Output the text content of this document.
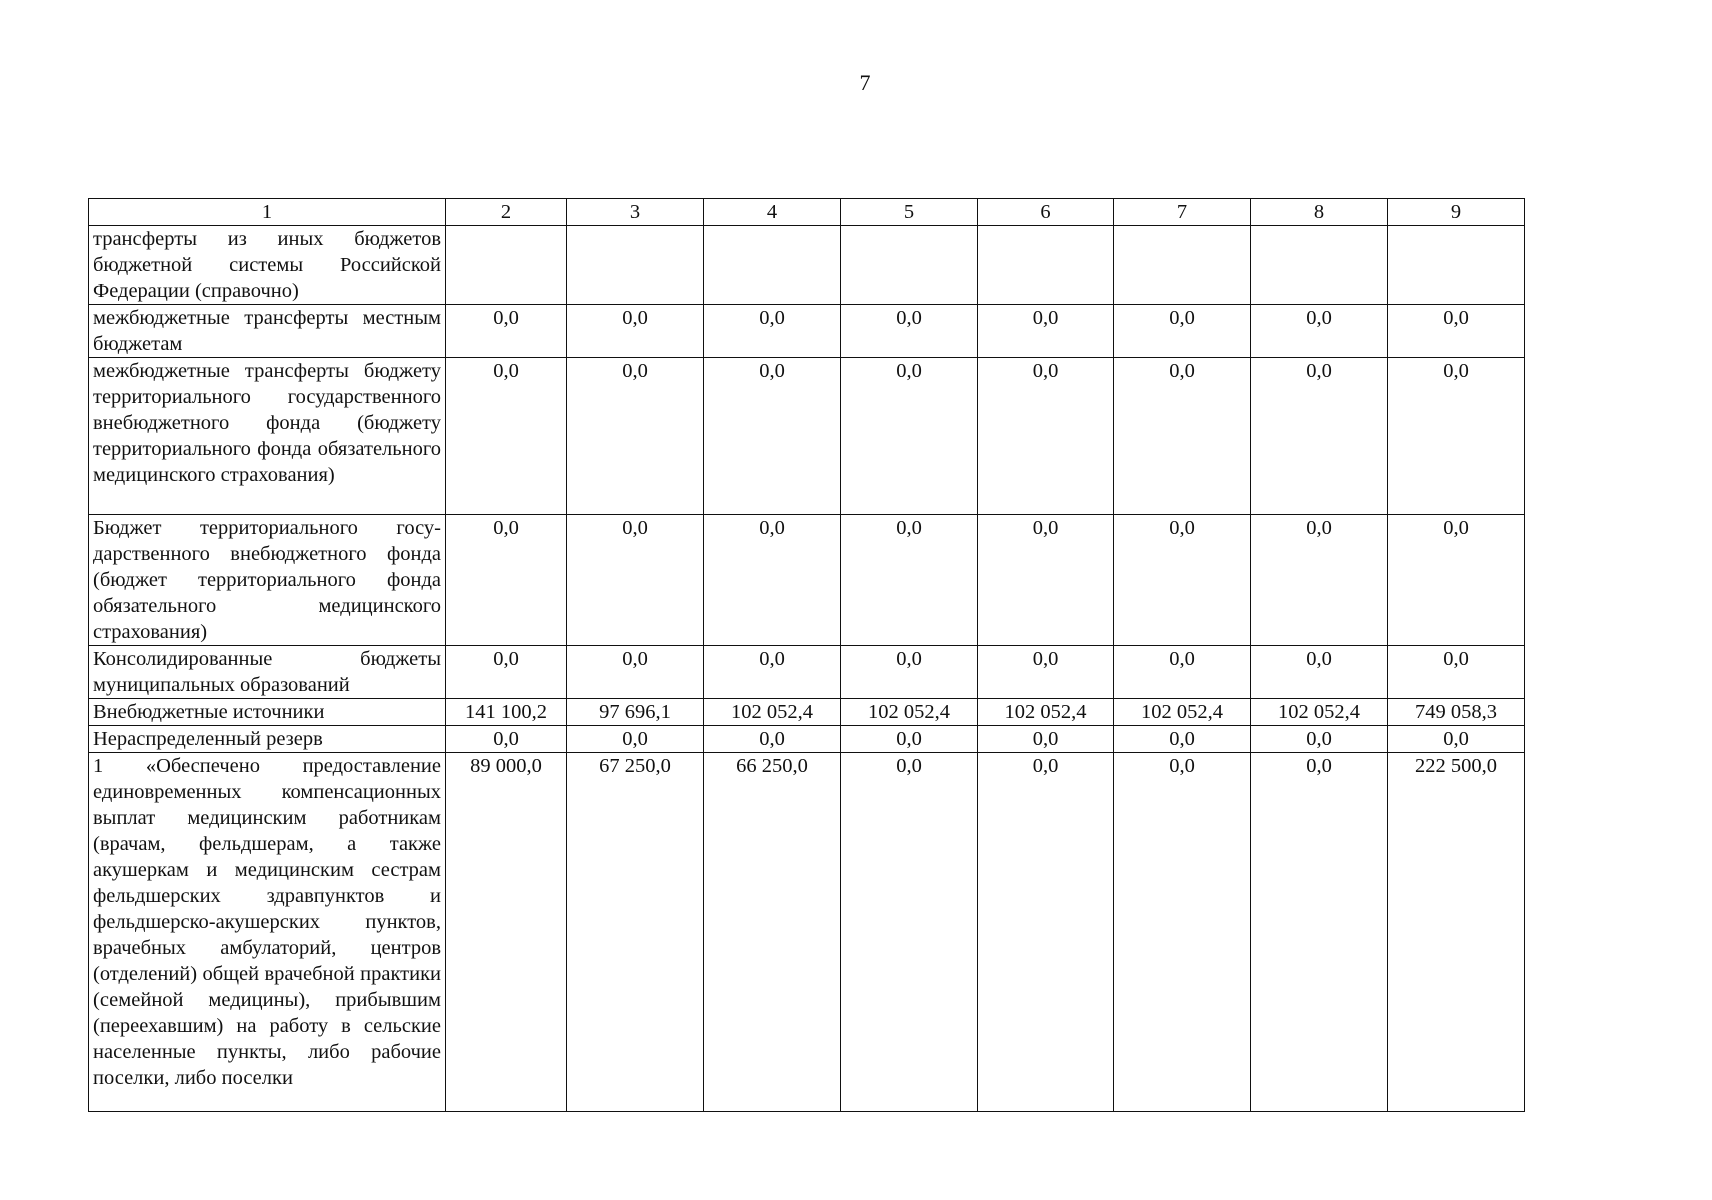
7
1	2	3	4	5	6	7	8	9
трансферты из иных бюджетов бюджетной системы Российской Федерации (справочно)								
межбюджетные трансферты местным бюджетам	0,0	0,0	0,0	0,0	0,0	0,0	0,0	0,0
межбюджетные трансферты бюджету территориального государственного внебюджетного фонда (бюджету территориального фонда обязательного медицинского страхования)	0,0	0,0	0,0	0,0	0,0	0,0	0,0	0,0
Бюджет территориального государственного внебюджетного фонда (бюджет территориального фонда обязательного медицинского страхования)	0,0	0,0	0,0	0,0	0,0	0,0	0,0	0,0
Консолидированные бюджеты муниципальных образований	0,0	0,0	0,0	0,0	0,0	0,0	0,0	0,0
Внебюджетные источники	141 100,2	97 696,1	102 052,4	102 052,4	102 052,4	102 052,4	102 052,4	749 058,3
Нераспределенный резерв	0,0	0,0	0,0	0,0	0,0	0,0	0,0	0,0
1 «Обеспечено предоставление единовременных компенсационных выплат медицинским работникам (врачам, фельдшерам, а также акушеркам и медицинским сестрам фельдшерских здравпунктов и фельдшерско-акушерских пунктов, врачебных амбулаторий, центров (отделений) общей врачебной практики (семейной медицины), прибывшим (переехавшим) на работу в сельские населенные пункты, либо рабочие поселки, либо поселки	89 000,0	67 250,0	66 250,0	0,0	0,0	0,0	0,0	222 500,0
